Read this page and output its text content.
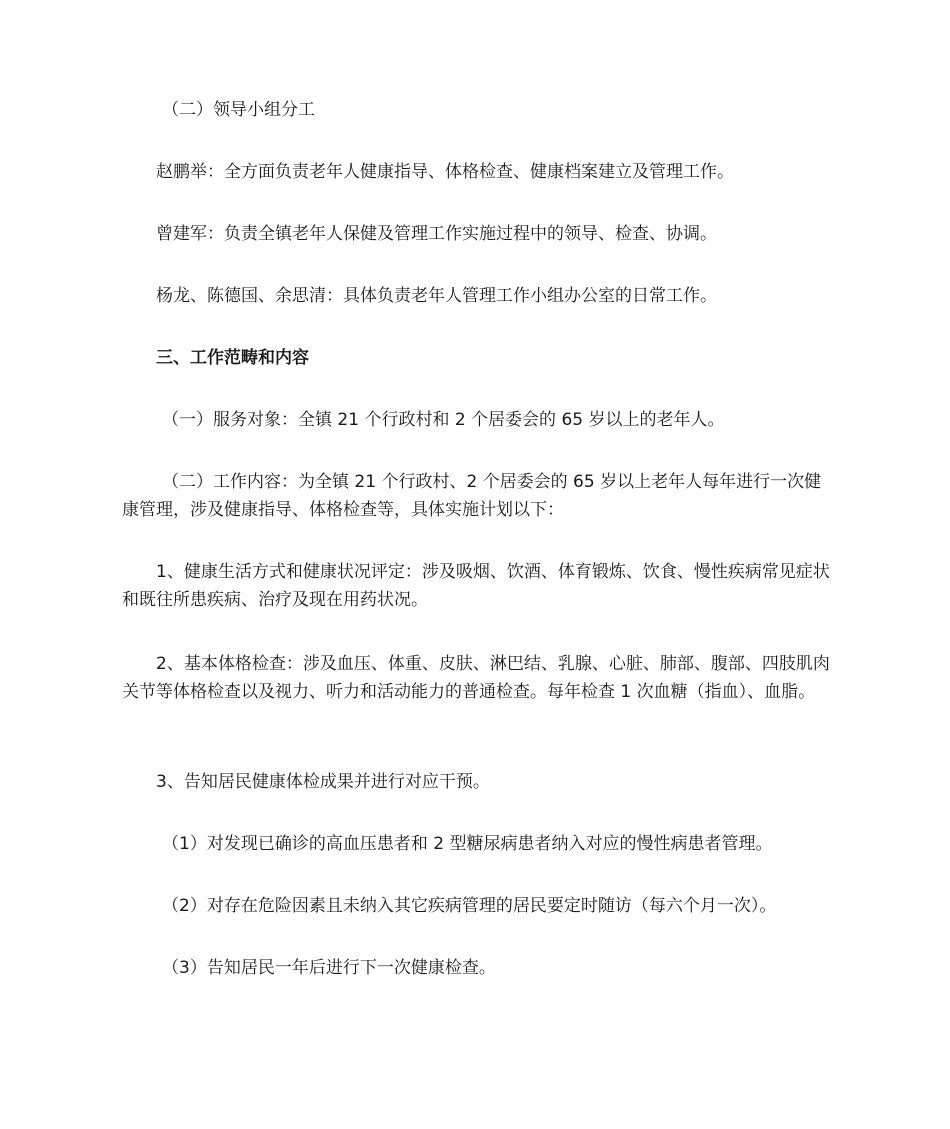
（二）领导小组分工

赵鹏举：全方面负责老年人健康指导、体格检查、健康档案建立及管理工作。

曾建军：负责全镇老年人保健及管理工作实施过程中的领导、检查、协调。

杨龙、陈德国、余思清：具体负责老年人管理工作小组办公室的日常工作。

三、工作范畴和内容

（一）服务对象：全镇 21 个行政村和 2 个居委会的 65 岁以上的老年人。

（二）工作内容：为全镇 21 个行政村、2 个居委会的 65 岁以上老年人每年进行一次健康管理，涉及健康指导、体格检查等，具体实施计划以下：

1、健康生活方式和健康状况评定：涉及吸烟、饮酒、体育锻炼、饮食、慢性疾病常见症状和既往所患疾病、治疗及现在用药状况。

2、基本体格检查：涉及血压、体重、皮肤、淋巴结、乳腺、心脏、肺部、腹部、四肢肌肉关节等体格检查以及视力、听力和活动能力的普通检查。每年检查 1 次血糖（指血）、血脂。

3、告知居民健康体检成果并进行对应干预。

（1）对发现已确诊的高血压患者和 2 型糖尿病患者纳入对应的慢性病患者管理。

（2）对存在危险因素且未纳入其它疾病管理的居民要定时随访（每六个月一次）。

（3）告知居民一年后进行下一次健康检查。
